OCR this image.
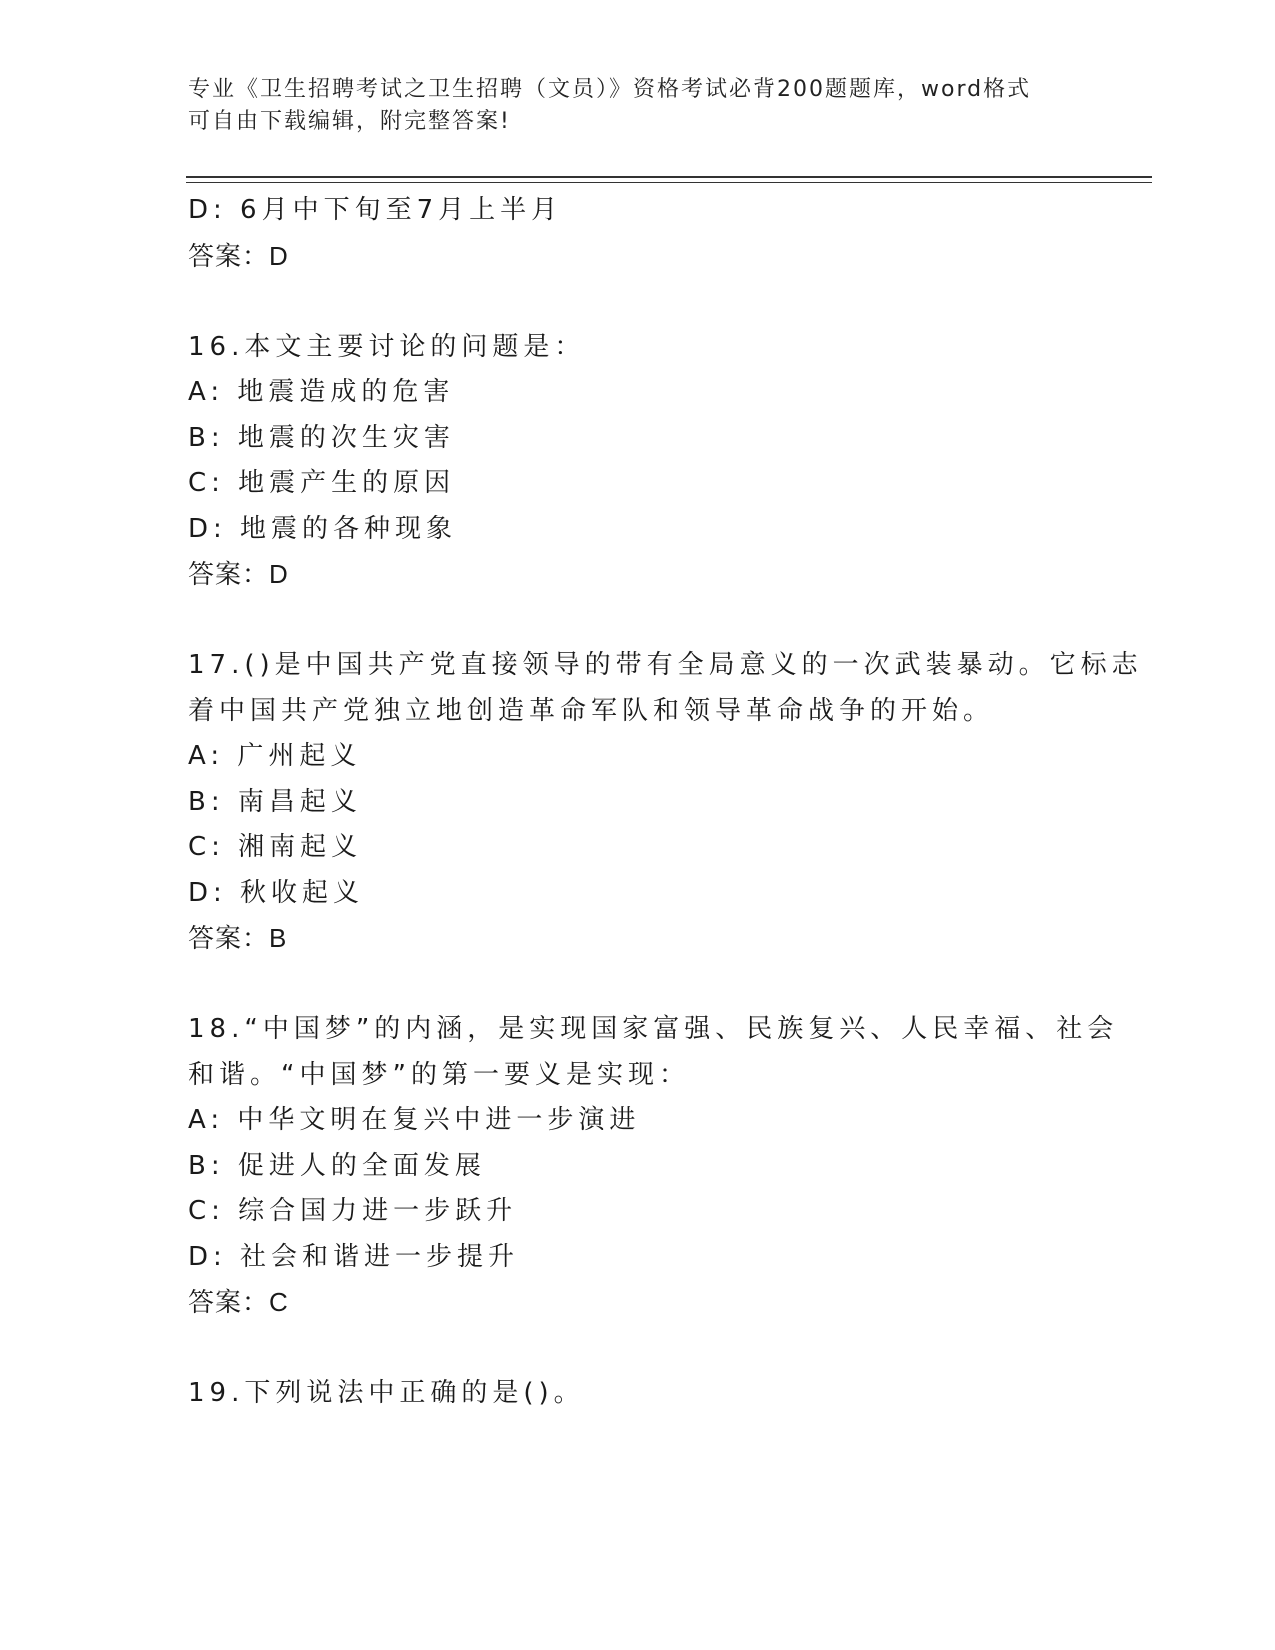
专业《卫生招聘考试之卫生招聘（文员）》资格考试必背200题题库，word格式
可自由下载编辑，附完整答案!
D: 6月中下旬至7月上半月
答案：D
16.本文主要讨论的问题是：
A: 地震造成的危害
B: 地震的次生灾害
C: 地震产生的原因
D: 地震的各种现象
答案：D
17.()是中国共产党直接领导的带有全局意义的一次武装暴动。它标志
着中国共产党独立地创造革命军队和领导革命战争的开始。
A: 广州起义
B: 南昌起义
C: 湘南起义
D: 秋收起义
答案：B
18.“中国梦”的内涵，是实现国家富强、民族复兴、人民幸福、社会
和谐。“中国梦”的第一要义是实现：
A: 中华文明在复兴中进一步演进
B: 促进人的全面发展
C: 综合国力进一步跃升
D: 社会和谐进一步提升
答案：C
19.下列说法中正确的是()。
